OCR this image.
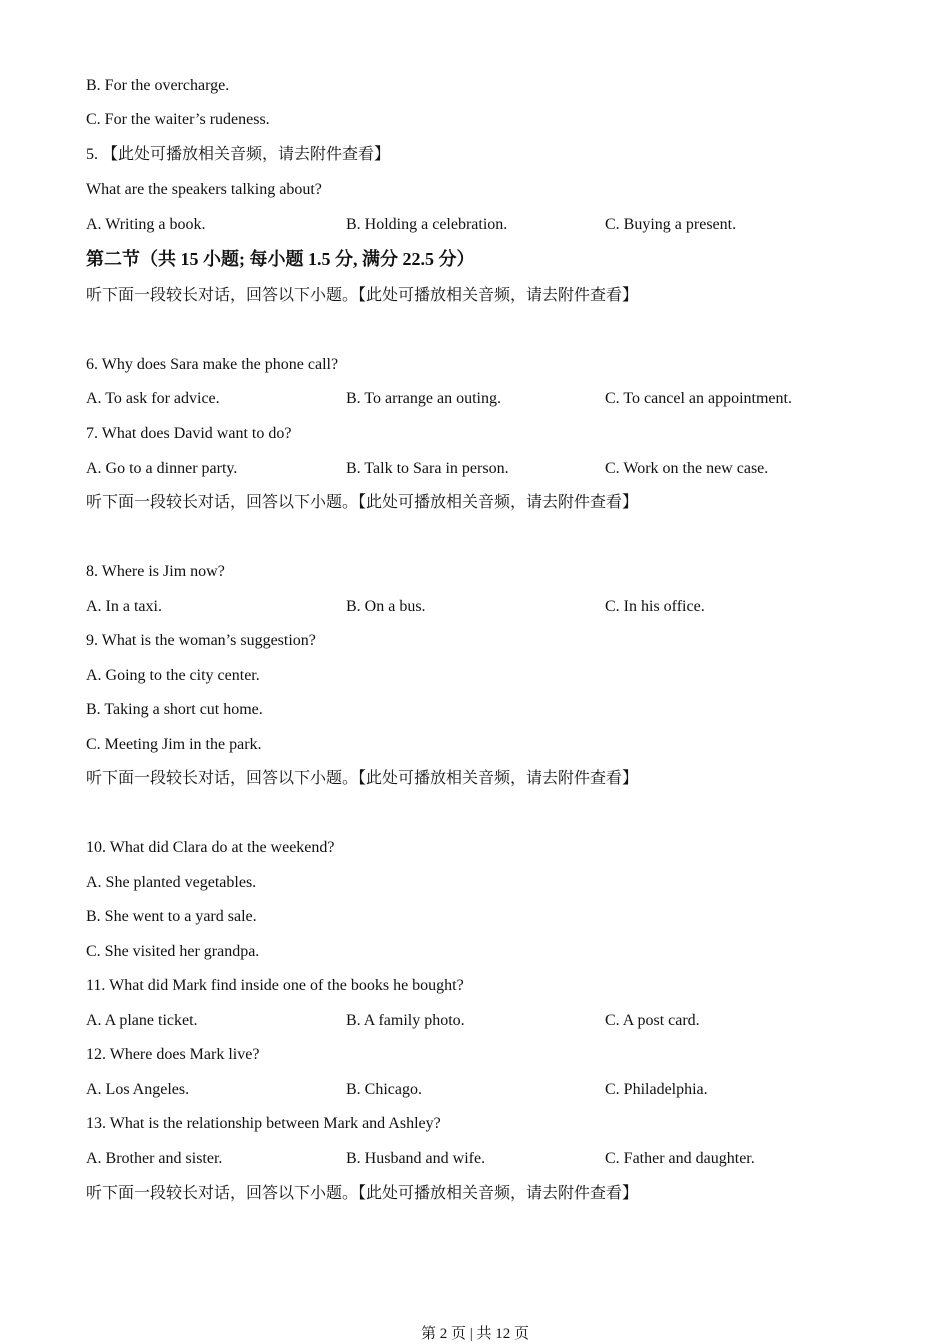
B. For the overcharge.
C. For the waiter’s rudeness.
5. 【此处可播放相关音频，请去附件查看】
What are the speakers talking about?
A. Writing a book.	B. Holding a celebration.	C. Buying a present.
第二节（共 15 小题; 每小题 1.5 分, 满分 22.5 分）
听下面一段较长对话，回答以下小题。【此处可播放相关音频，请去附件查看】
6. Why does Sara make the phone call?
A. To ask for advice.	B. To arrange an outing.	C. To cancel an appointment.
7. What does David want to do?
A. Go to a dinner party.	B. Talk to Sara in person.	C. Work on the new case.
听下面一段较长对话，回答以下小题。【此处可播放相关音频，请去附件查看】
8. Where is Jim now?
A. In a taxi.	B. On a bus.	C. In his office.
9. What is the woman’s suggestion?
A. Going to the city center.
B. Taking a short cut home.
C. Meeting Jim in the park.
听下面一段较长对话，回答以下小题。【此处可播放相关音频，请去附件查看】
10. What did Clara do at the weekend?
A. She planted vegetables.
B. She went to a yard sale.
C. She visited her grandpa.
11. What did Mark find inside one of the books he bought?
A. A plane ticket.	B. A family photo.	C. A post card.
12. Where does Mark live?
A. Los Angeles.	B. Chicago.	C. Philadelphia.
13. What is the relationship between Mark and Ashley?
A. Brother and sister.	B. Husband and wife.	C. Father and daughter.
听下面一段较长对话，回答以下小题。【此处可播放相关音频，请去附件查看】
第 2 页 | 共 12 页
